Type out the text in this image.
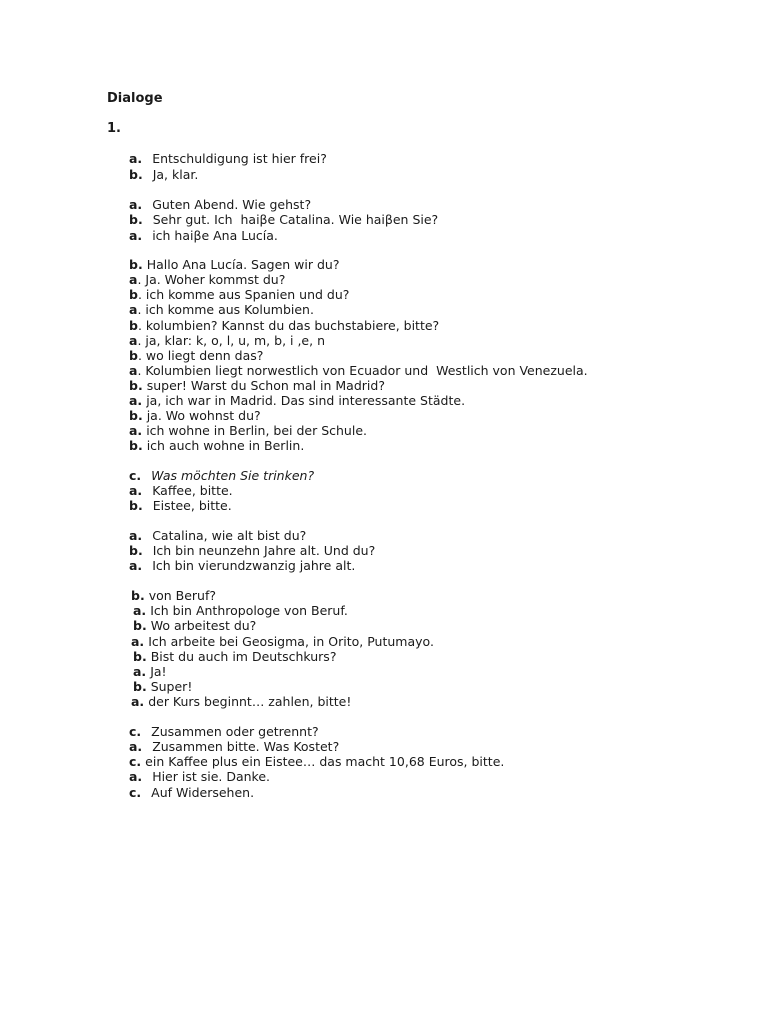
Dialoge
1.
a. Entschuldigung ist hier frei?
b. Ja, klar.
a. Guten Abend. Wie gehst?
b. Sehr gut. Ich  haiβe Catalina. Wie haiβen Sie?
a. ich haiβe Ana Lucía.
b. Hallo Ana Lucía. Sagen wir du?
a. Ja. Woher kommst du?
b. ich komme aus Spanien und du?
a. ich komme aus Kolumbien.
b. kolumbien? Kannst du das buchstabiere, bitte?
a. ja, klar: k, o, l, u, m, b, i ,e, n
b. wo liegt denn das?
a. Kolumbien liegt norwestlich von Ecuador und  Westlich von Venezuela.
b. super! Warst du Schon mal in Madrid?
a. ja, ich war in Madrid. Das sind interessante Städte.
b. ja. Wo wohnst du?
a. ich wohne in Berlin, bei der Schule.
b. ich auch wohne in Berlin.
c. Was möchten Sie trinken?
a. Kaffee, bitte.
b. Eistee, bitte.
a. Catalina, wie alt bist du?
b. Ich bin neunzehn Jahre alt. Und du?
a. Ich bin vierundzwanzig jahre alt.
b. von Beruf?
a. Ich bin Anthropologe von Beruf.
b. Wo arbeitest du?
a. Ich arbeite bei Geosigma, in Orito, Putumayo.
b. Bist du auch im Deutschkurs?
a. Ja!
b. Super!
a. der Kurs beginnt… zahlen, bitte!
c. Zusammen oder getrennt?
a. Zusammen bitte. Was Kostet?
c. ein Kaffee plus ein Eistee… das macht 10,68 Euros, bitte.
a. Hier ist sie. Danke.
c. Auf Widersehen.
